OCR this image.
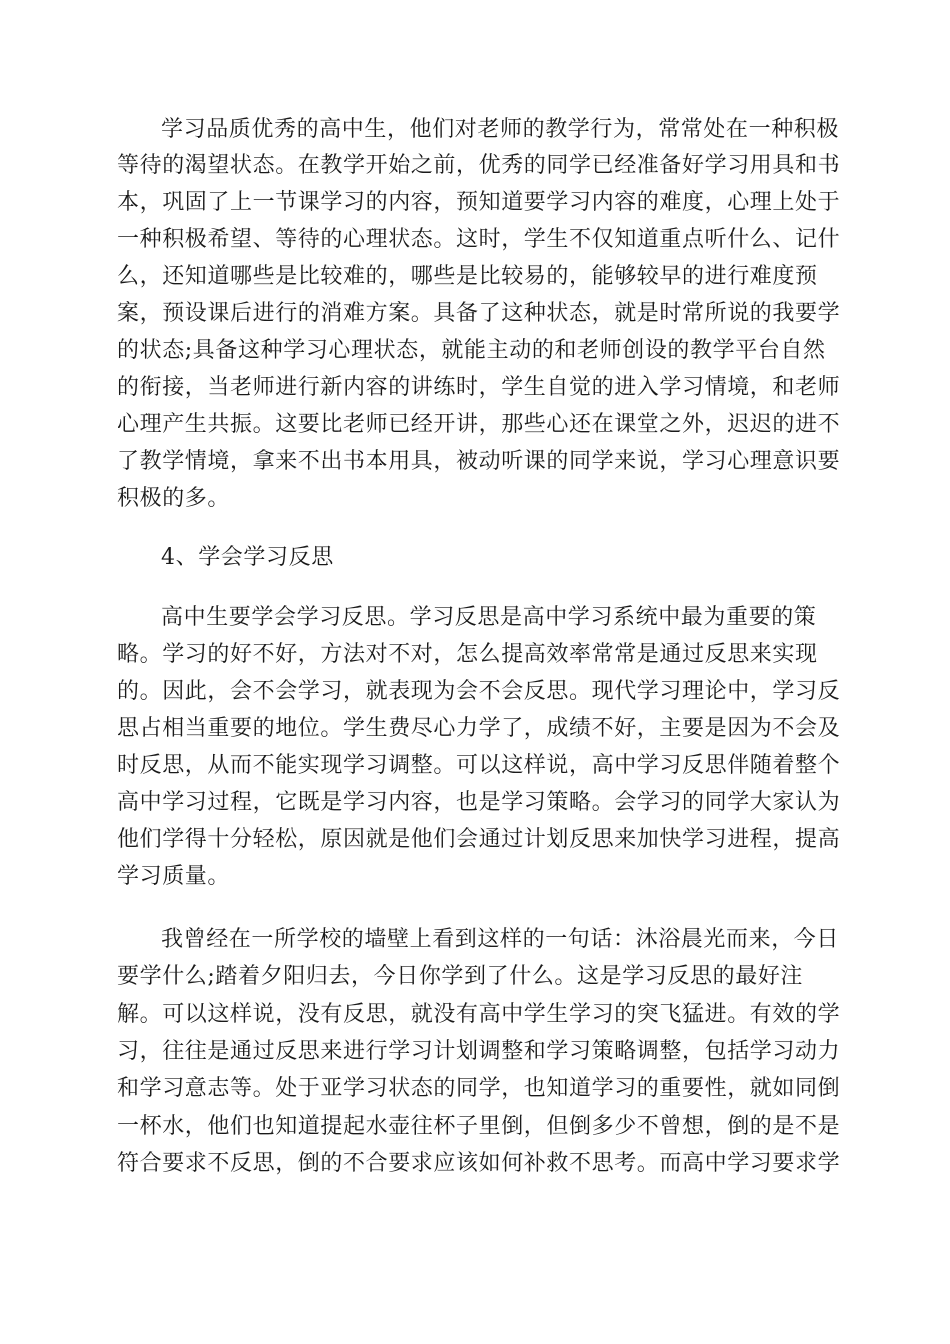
学习品质优秀的高中生，他们对老师的教学行为，常常处在一种积极
等待的渴望状态。在教学开始之前，优秀的同学已经准备好学习用具和书
本，巩固了上一节课学习的内容，预知道要学习内容的难度，心理上处于
一种积极希望、等待的心理状态。这时，学生不仅知道重点听什么、记什
么，还知道哪些是比较难的，哪些是比较易的，能够较早的进行难度预
案，预设课后进行的消难方案。具备了这种状态，就是时常所说的我要学
的状态;具备这种学习心理状态，就能主动的和老师创设的教学平台自然
的衔接，当老师进行新内容的讲练时，学生自觉的进入学习情境，和老师
心理产生共振。这要比老师已经开讲，那些心还在课堂之外，迟迟的进不
了教学情境，拿来不出书本用具，被动听课的同学来说，学习心理意识要
积极的多。
4、学会学习反思
高中生要学会学习反思。学习反思是高中学习系统中最为重要的策
略。学习的好不好，方法对不对，怎么提高效率常常是通过反思来实现
的。因此，会不会学习，就表现为会不会反思。现代学习理论中，学习反
思占相当重要的地位。学生费尽心力学了，成绩不好，主要是因为不会及
时反思，从而不能实现学习调整。可以这样说，高中学习反思伴随着整个
高中学习过程，它既是学习内容，也是学习策略。会学习的同学大家认为
他们学得十分轻松，原因就是他们会通过计划反思来加快学习进程，提高
学习质量。
我曾经在一所学校的墙壁上看到这样的一句话：沐浴晨光而来，今日
要学什么;踏着夕阳归去，今日你学到了什么。这是学习反思的最好注
解。可以这样说，没有反思，就没有高中学生学习的突飞猛进。有效的学
习，往往是通过反思来进行学习计划调整和学习策略调整，包括学习动力
和学习意志等。处于亚学习状态的同学，也知道学习的重要性，就如同倒
一杯水，他们也知道提起水壶往杯子里倒，但倒多少不曾想，倒的是不是
符合要求不反思，倒的不合要求应该如何补救不思考。而高中学习要求学
